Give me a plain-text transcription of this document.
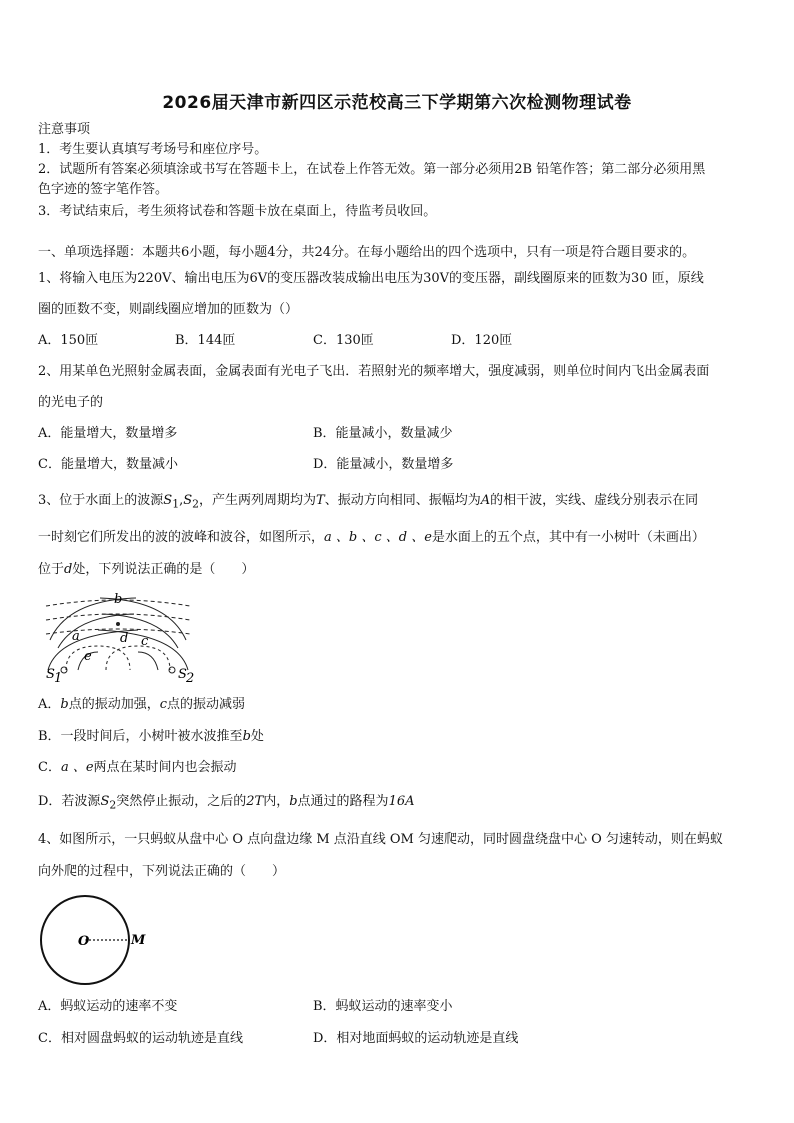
2026届天津市新四区示范校高三下学期第六次检测物理试卷
注意事项
1．考生要认真填写考场号和座位序号。
2．试题所有答案必须填涂或书写在答题卡上，在试卷上作答无效。第一部分必须用2B 铅笔作答；第二部分必须用黑
色字迹的签字笔作答。
3．考试结束后，考生须将试卷和答题卡放在桌面上，待监考员收回。
一、单项选择题：本题共6小题，每小题4分，共24分。在每小题给出的四个选项中，只有一项是符合题目要求的。
1、将输入电压为220V、输出电压为6V的变压器改装成输出电压为30V的变压器，副线圈原来的匝数为30 匝，原线
圈的匝数不变，则副线圈应增加的匝数为（）
A．150匝	B．144匝	C．130匝	D．120匝
2、用某单色光照射金属表面，金属表面有光电子飞出．若照射光的频率增大，强度减弱，则单位时间内飞出金属表面
的光电子的
A．能量增大，数量增多	B．能量减小，数量减少
C．能量增大，数量减小	D．能量减小，数量增多
3、位于水面上的波源$S_1,S_2$，产生两列周期均为T、振动方向相同、振幅均为A的相干波，实线、虚线分别表示在同
一时刻它们所发出的波的波峰和波谷，如图所示，a 、b 、c 、d 、e是水面上的五个点，其中有一小树叶（未画出）
位于d处，下列说法正确的是（　　）
b
a	c
d
e
S 1	S 2
A．b点的振动加强，c点的振动减弱
B．一段时间后，小树叶被水波推至b处
C．a 、e两点在某时间内也会振动
D．若波源$S_2$突然停止振动，之后的2T内，b点通过的路程为16A
4、如图所示，一只蚂蚁从盘中心 O 点向盘边缘 M 点沿直线 OM 匀速爬动，同时圆盘绕盘中心 O 匀速转动，则在蚂蚁
向外爬的过程中，下列说法正确的（　　）
O	M
A．蚂蚁运动的速率不变	B．蚂蚁运动的速率变小
C．相对圆盘蚂蚁的运动轨迹是直线	D．相对地面蚂蚁的运动轨迹是直线
